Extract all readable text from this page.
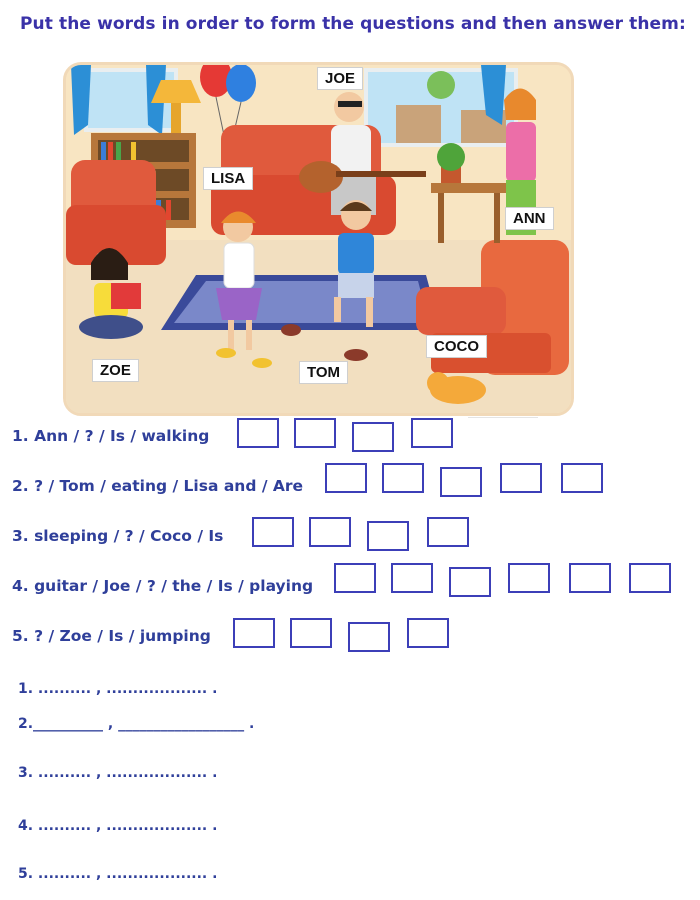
Put the words in order to form the questions and then answer them:
JOE
LISA
ANN
COCO
ZOE	TOM
1. Ann / ? / Is / walking
2. ? / Tom / eating / Lisa and / Are
3. sleeping / ? / Coco / Is
4. guitar / Joe / ? / the / Is / playing
5. ? / Zoe / Is / jumping
1. .......... , ................... .
2.__________ , __________________ .
3. .......... , ................... .
4. .......... , ................... .
5. .......... , ................... .
